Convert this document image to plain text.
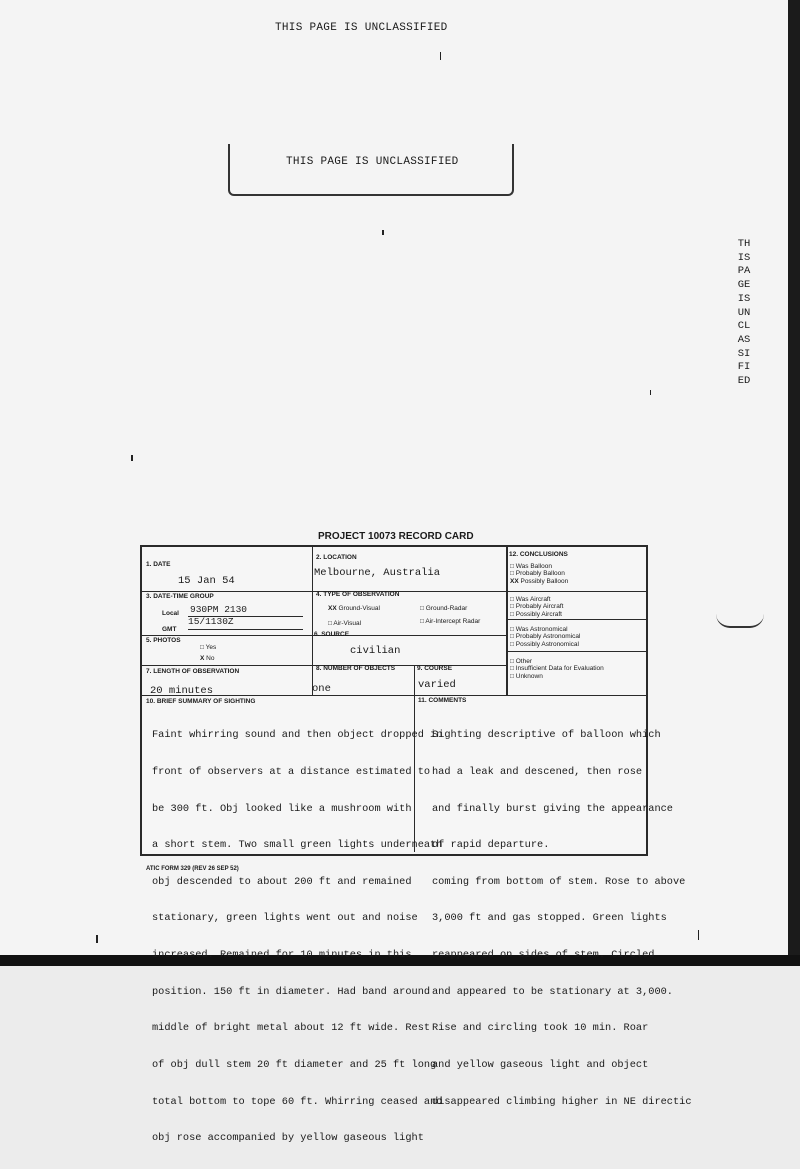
THIS PAGE IS UNCLASSIFIED
THIS PAGE IS UNCLASSIFIED
THIS PAGE IS UNCLASSIFIED
PROJECT 10073 RECORD CARD
1. DATE
15 Jan 54
2. LOCATION
Melbourne, Australia
3. DATE-TIME GROUP
Local 930PM 2130
15/1130Z
GMT
4. TYPE OF OBSERVATION
XX Ground-Visual	□ Ground-Radar
□ Air-Visual	□ Air-Intercept Radar
5. PHOTOS
□ Yes
X No
6. SOURCE
civilian
7. LENGTH OF OBSERVATION
20 minutes
8. NUMBER OF OBJECTS
one
9. COURSE
varied
12. CONCLUSIONS
□ Was Balloon
□ Probably Balloon
XX Possibly Balloon
□ Was Aircraft
□ Probably Aircraft
□ Possibly Aircraft
□ Was Astronomical
□ Probably Astronomical
□ Possibly Astronomical
□ Other
□ Insufficient Data for Evaluation
□ Unknown
10. BRIEF SUMMARY OF SIGHTING

Faint whirring sound and then object dropped in

front of observers at a distance estimated to

be 300 ft. Obj looked like a mushroom with

a short stem. Two small green lights underneath

obj descended to about 200 ft and remained

stationary, green lights went out and noise

increased. Remained for 10 minutes in this

position. 150 ft in diameter. Had band around

middle of bright metal about 12 ft wide. Rest

of obj dull stem 20 ft diameter and 25 ft long

total bottom to tope 60 ft. Whirring ceased and

obj rose accompanied by yellow gaseous light

11. COMMENTS

Sighting descriptive of balloon which

had a leak and descened, then rose

and finally burst giving the appearance

of rapid departure.

coming from bottom of stem. Rose to above

3,000 ft and gas stopped. Green lights

reappeared on sides of stem. Circled

and appeared to be stationary at 3,000.

Rise and circling took 10 min. Roar

and yellow gaseous light and object

disappeared climbing higher in NE directic

ATIC FORM 329 (REV 26 SEP 52)
